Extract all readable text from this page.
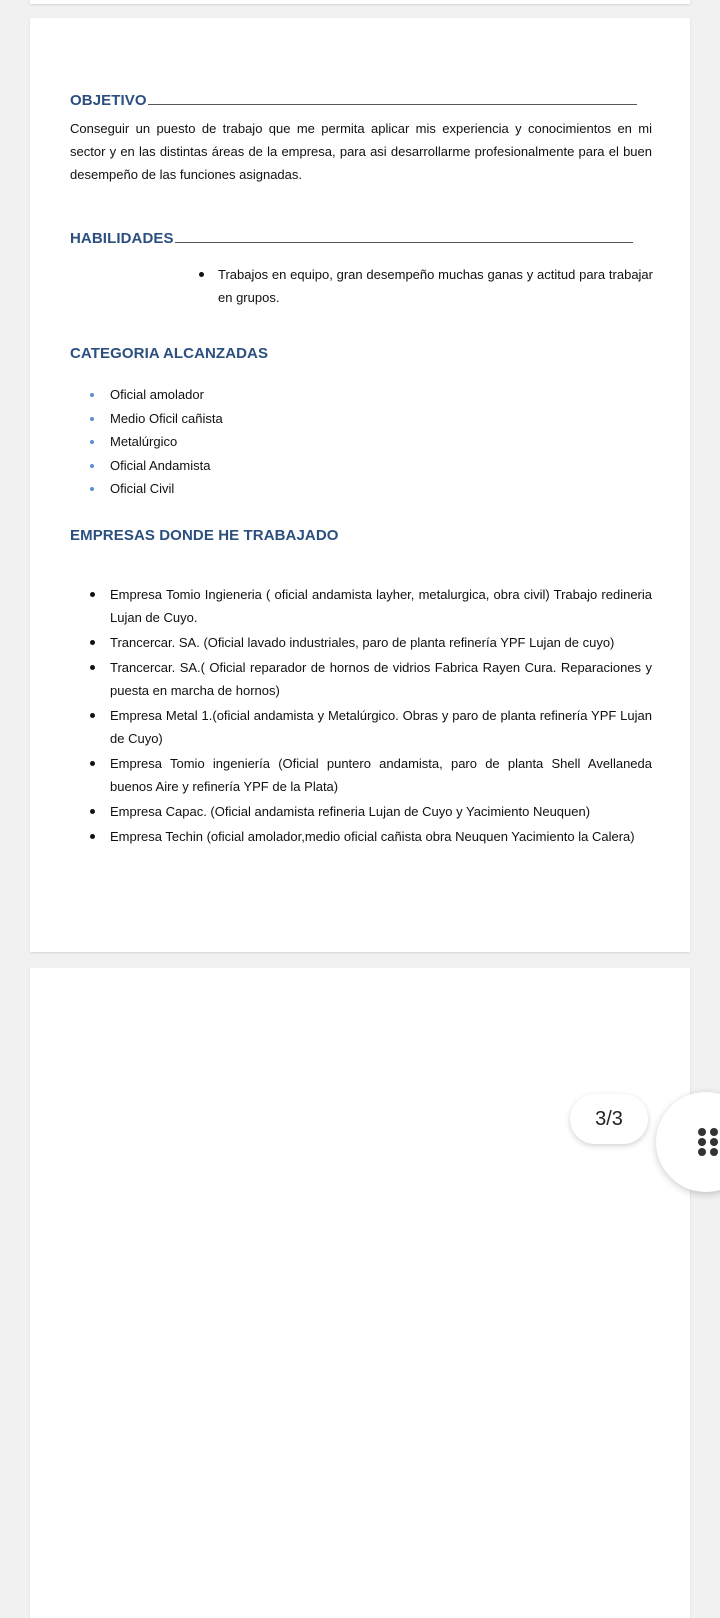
OBJETIVO
Conseguir un puesto de trabajo que me permita aplicar mis experiencia y conocimientos en mi sector y en las distintas áreas de la empresa, para asi desarrollarme profesionalmente para el buen desempeño de las funciones asignadas.
HABILIDADES
Trabajos en equipo, gran desempeño muchas ganas y actitud para trabajar en grupos.
CATEGORIA ALCANZADAS
Oficial amolador
Medio Oficil cañista
Metalúrgico
Oficial Andamista
Oficial Civil
EMPRESAS DONDE HE TRABAJADO
Empresa Tomio Ingieneria ( oficial andamista layher, metalurgica, obra civil) Trabajo redineria Lujan de Cuyo.
Trancercar. SA. (Oficial lavado industriales, paro de planta refinería YPF Lujan de cuyo)
Trancercar. SA.( Oficial reparador de hornos de vidrios Fabrica Rayen Cura. Reparaciones y puesta en marcha de hornos)
Empresa Metal 1.(oficial andamista y Metalúrgico. Obras y paro de planta refinería YPF Lujan de Cuyo)
Empresa Tomio ingeniería (Oficial puntero andamista, paro de planta Shell Avellaneda buenos Aire y refinería YPF de la Plata)
Empresa Capac. (Oficial andamista refineria Lujan de Cuyo y Yacimiento Neuquen)
Empresa Techin (oficial amolador,medio oficial cañista obra Neuquen Yacimiento la Calera)
3/3
